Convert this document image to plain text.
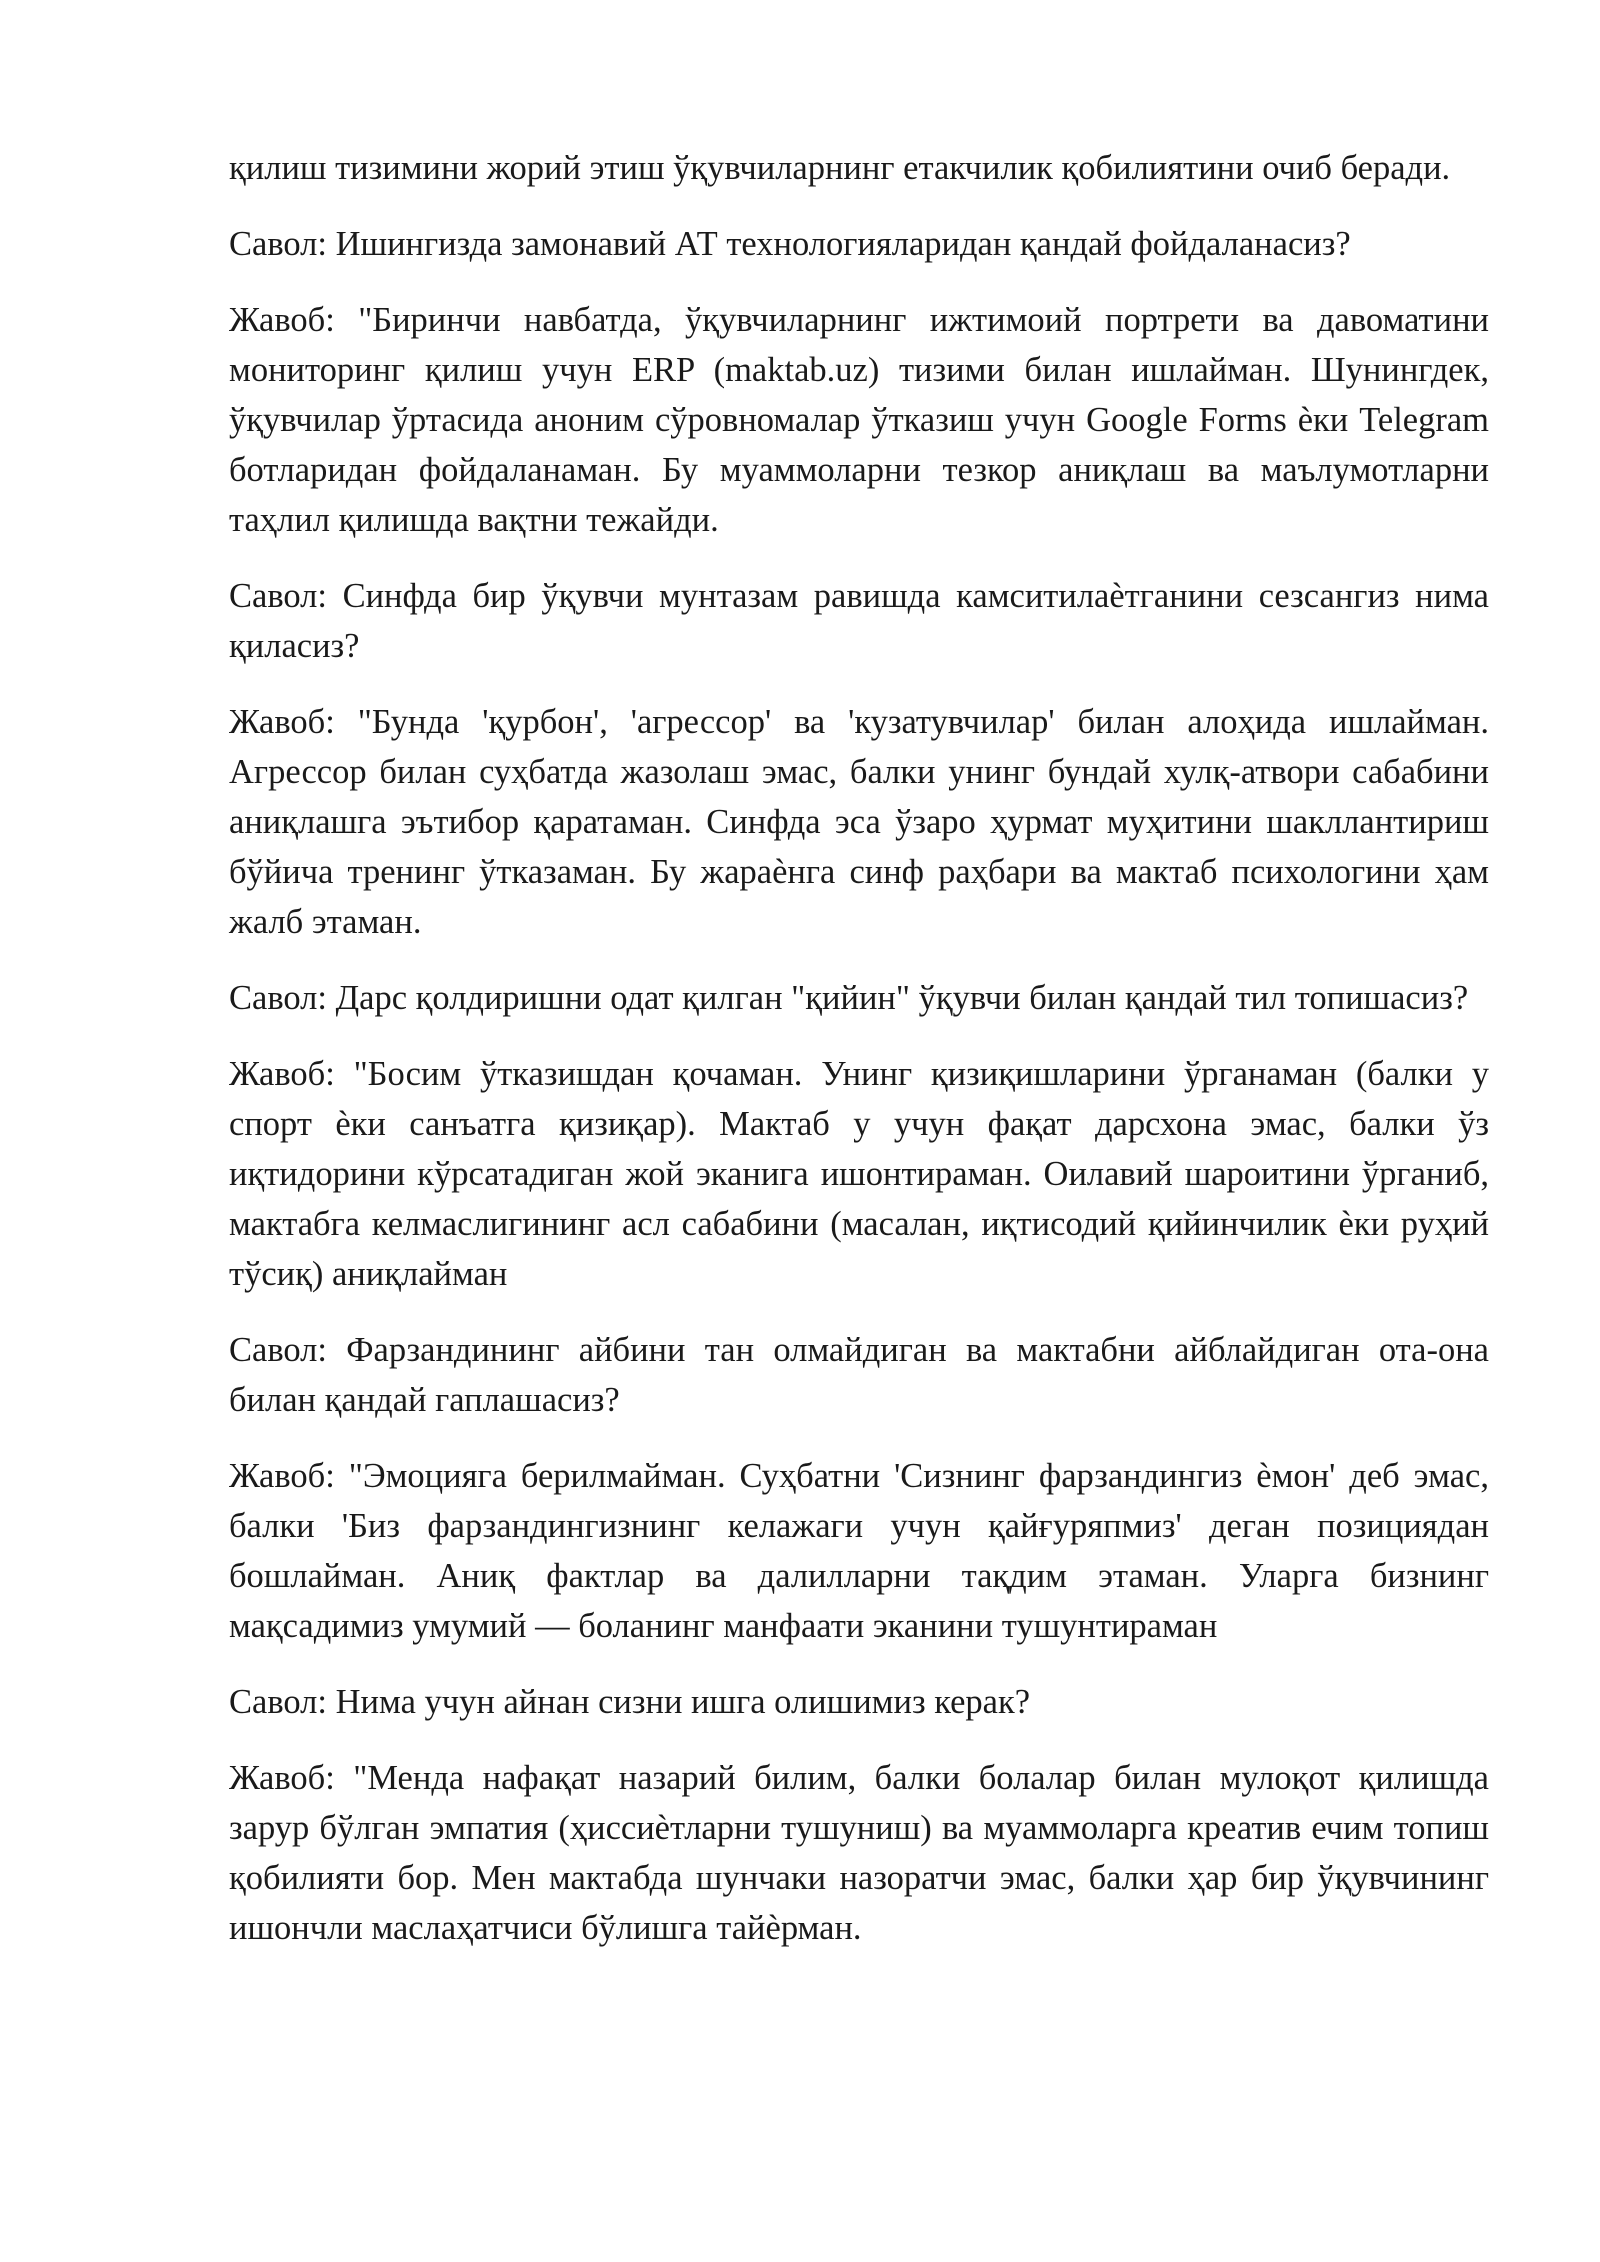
қилиш тизимини жорий этиш ўқувчиларнинг етакчилик қобилиятини очиб беради.

Савол: Ишингизда замонавий АТ технологияларидан қандай фойдаланасиз?

Жавоб: "Биринчи навбатда, ўқувчиларнинг ижтимоий портрети ва давоматини мониторинг қилиш учун ERP (maktab.uz) тизими билан ишлайман. Шунингдек, ўқувчилар ўртасида аноним сўровномалар ўтказиш учун Google Forms ѐки Telegram ботларидан фойдаланаман. Бу муаммоларни тезкор аниқлаш ва маълумотларни таҳлил қилишда вақтни тежайди.

Савол: Синфда бир ўқувчи мунтазам равишда камситилаѐтганини сезсангиз нима қиласиз?

Жавоб: "Бунда 'қурбон', 'агрессор' ва 'кузатувчилар' билан алоҳида ишлайман. Агрессор билан суҳбатда жазолаш эмас, балки унинг бундай хулқ-атвори сабабини аниқлашга эътибор қаратаман. Синфда эса ўзаро ҳурмат муҳитини шакллантириш бўйича тренинг ўтказаман. Бу жараѐнга синф раҳбари ва мактаб психологини ҳам жалб этаман.

Савол: Дарс қолдиришни одат қилган "қийин" ўқувчи билан қандай тил топишасиз?

Жавоб: "Босим ўтказишдан қочаман. Унинг қизиқишларини ўрганаман (балки у спорт ѐки санъатга қизиқар). Мактаб у учун фақат дарсхона эмас, балки ўз иқтидорини кўрсатадиган жой эканига ишонтираман. Оилавий шароитини ўрганиб, мактабга келмаслигининг асл сабабини (масалан, иқтисодий қийинчилик ѐки руҳий тўсиқ) аниқлайман

Савол: Фарзандининг айбини тан олмайдиган ва мактабни айблайдиган ота-она билан қандай гаплашасиз?

Жавоб: "Эмоцияга берилмайман. Суҳбатни 'Сизнинг фарзандингиз ѐмон' деб эмас, балки 'Биз фарзандингизнинг келажаги учун қайғуряпмиз' деган позициядан бошлайман. Аниқ фактлар ва далилларни тақдим этаман. Уларга бизнинг мақсадимиз умумий — боланинг манфаати эканини тушунтираман

Савол: Нима учун айнан сизни ишга олишимиз керак?

Жавоб: "Менда нафақат назарий билим, балки болалар билан мулоқот қилишда зарур бўлган эмпатия (ҳиссиѐтларни тушуниш) ва муаммоларга креатив ечим топиш қобилияти бор. Мен мактабда шунчаки назоратчи эмас, балки ҳар бир ўқувчининг ишончли маслаҳатчиси бўлишга тайѐрман.
